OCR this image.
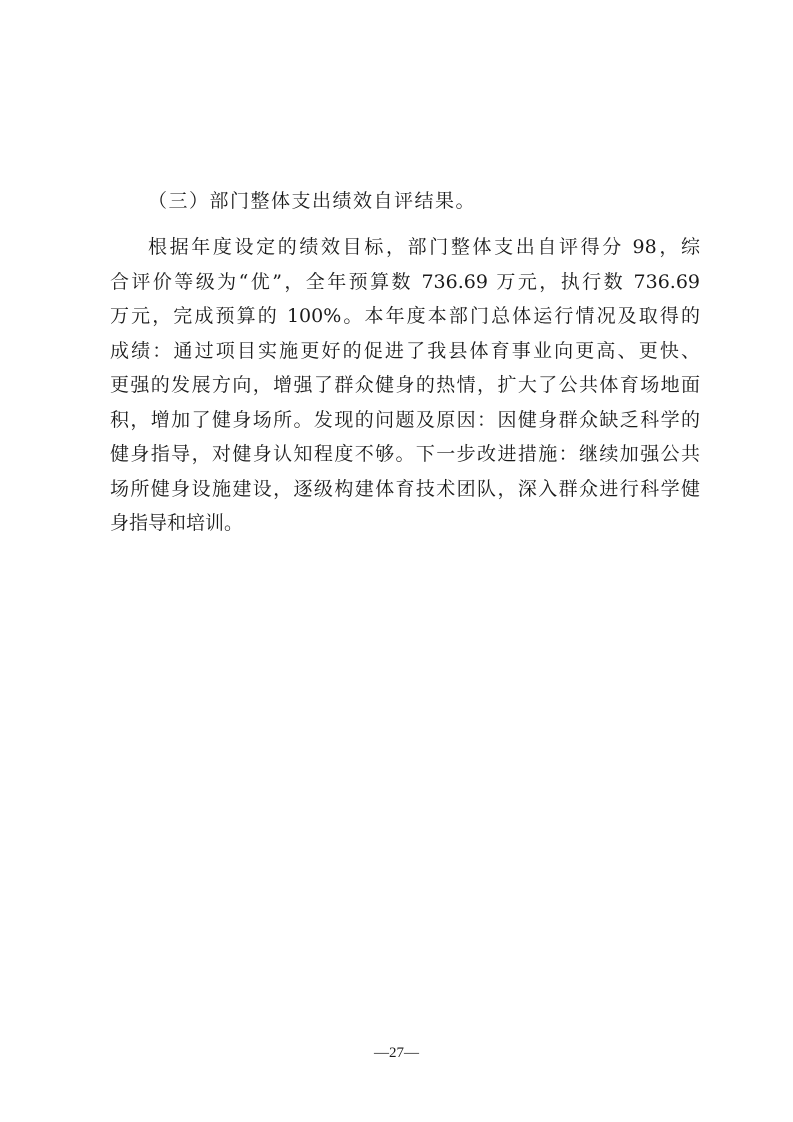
（三）部门整体支出绩效自评结果。
根据年度设定的绩效目标，部门整体支出自评得分 98，综
合评价等级为“优”，全年预算数 736.69 万元，执行数 736.69
万元，完成预算的 100%。本年度本部门总体运行情况及取得的
成绩：通过项目实施更好的促进了我县体育事业向更高、更快、
更强的发展方向，增强了群众健身的热情，扩大了公共体育场地面
积，增加了健身场所。发现的问题及原因：因健身群众缺乏科学的
健身指导，对健身认知程度不够。下一步改进措施：继续加强公共
场所健身设施建设，逐级构建体育技术团队，深入群众进行科学健
身指导和培训。
—27—
